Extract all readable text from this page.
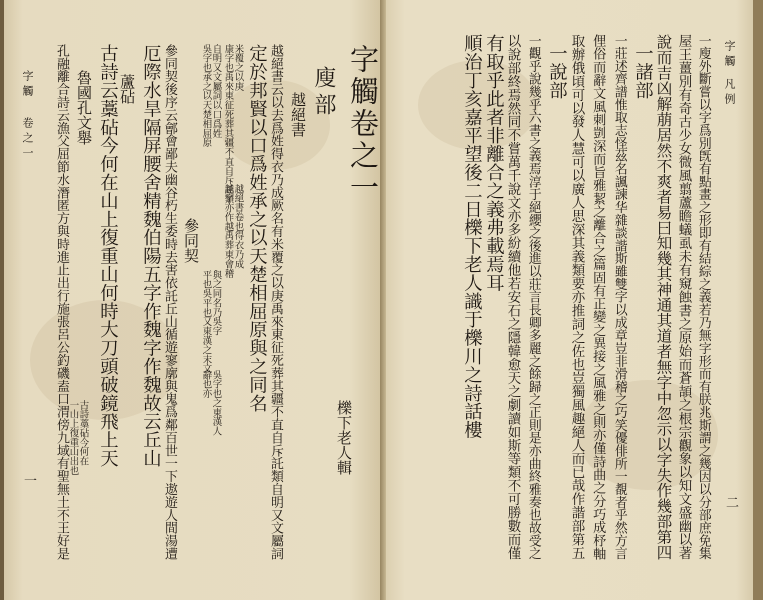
字觸
凡例
二
一廋外斷嘗以字爲別旣有點畫之形即有結綜之義若乃無字形而有朕兆斯謂之幾因以分部庶免集
屋王薑別有奇古少女微風翦蘆瞻蟻虱未有窺蝕書之原始而蒼頡之根宗觀象以知文盛幽以著
說而吉凶解萠居然不爽者易曰知幾其神通其道者無字中忽示以字失作幾部第四
一諸部
一莊述齊譜惟取志怪茲名諷諫华雜談諧斯雖雙字以成章豈非滑稽之巧笑優俳所一覩者乎然方言
俚俗而辭文風刺剴深而旨雅絜之離合之篇固有正變之異接之風雅之則亦僅詩曲之分巧成杼軸
取辦俄頃可以發人慧可以廣人思深其義類要亦推詞之佐也豈獨風趣絕人而已哉作諧部第五
一說部
一觀乎說幾乎六書之義焉淳于絕纓之後進以莊言長卿多麗之餘歸之正則是亦曲終雅奏也故受之
以說部終焉然同不嘗萬千說文亦多紛續他若安石之隱韓愈天之劇讀如斯等類不可勝數而僅
有取乎此者非離合之義弗載焉耳
順治丁亥嘉平望後二日櫟下老人識于櫟川之詩話樓
字觸卷之一
櫟下老人輯
廋部
越絕書
越絕書云以去爲姓得衣乃成厥名有米覆之以庚禹來東征死葬其疆不直自斥託類自明又文屬詞
定於邦賢以口爲姓承之以天楚相屈原與之同名
越絕書卷也得衣乃成
越字亦作越禹葬東會稽
米覆之以庚
康字也禹來東征死葬其疆不直自斥託類
自明又文屬詞以口爲姓
吳字也承之以天楚相屈原
與之同名乃吳字
平也吳平也又東漢之末文
吳字也之東漢人
辭也亦
參同契
參同契後序云鄶會鄙夫幽谷朽生委時去害依託丘山循遊寥廓與鬼爲鄰百世一下遨遊人間湯遭
厄際水旱隔屏腰舍精魏伯陽五字作魏字作魏故云丘山
蘆砧
古詩云藁砧今何在山上復重山何時大刀頭破鏡飛上天
古詩藁砧今何在
一山上復重山出也
魯國孔文舉
孔融離合詩云漁父屈節水潛匿方與時進止出行施張呂公釣磯盍口渭傍九域有聖無土不王好是
字觸 卷之一
一
